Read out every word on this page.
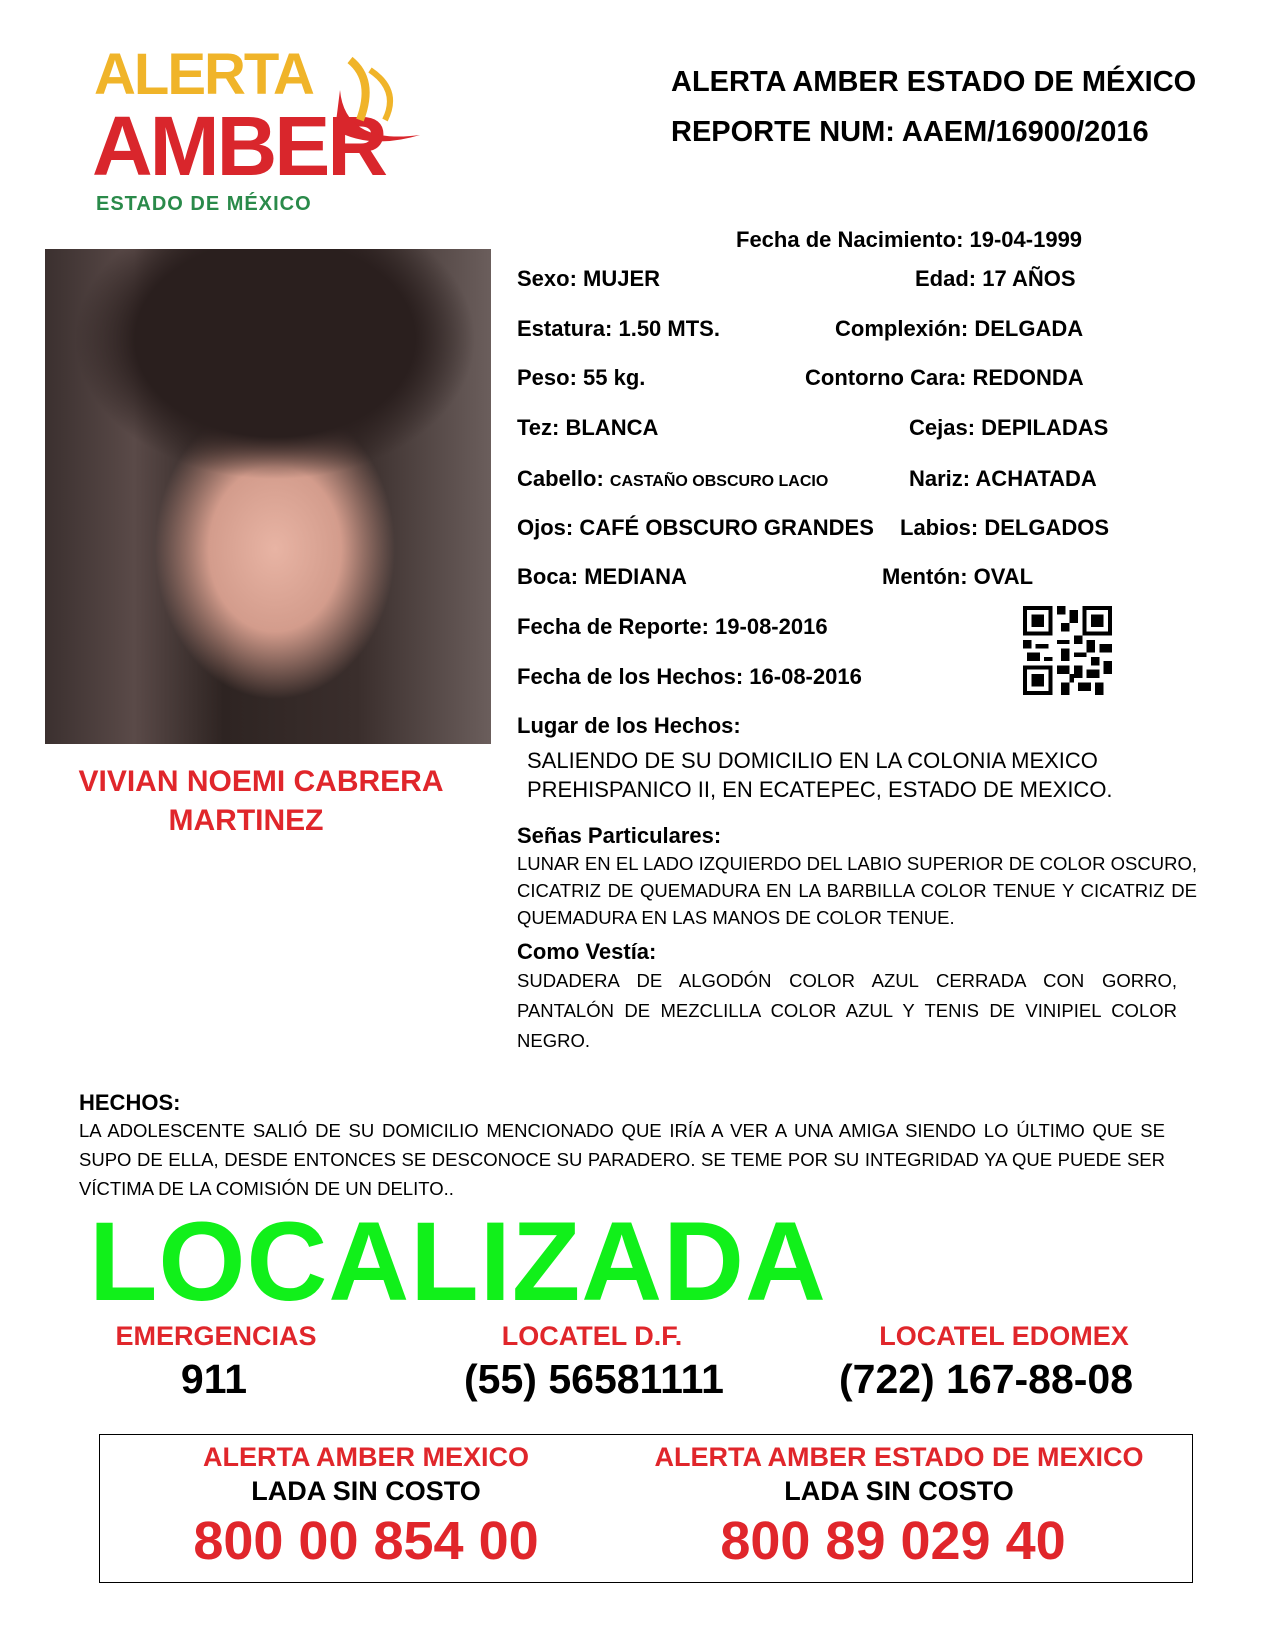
ALERTA
AMBER
ESTADO DE MÉXICO
ALERTA AMBER ESTADO DE MÉXICO
REPORTE NUM: AAEM/16900/2016
VIVIAN NOEMI CABRERA
MARTINEZ
Fecha de Nacimiento: 19-04-1999
Sexo: MUJER	Edad: 17 AÑOS
Estatura: 1.50 MTS.	Complexión: DELGADA
Peso: 55 kg.	Contorno Cara: REDONDA
Tez: BLANCA	Cejas: DEPILADAS
Cabello: CASTAÑO OBSCURO LACIO	Nariz: ACHATADA
Ojos: CAFÉ OBSCURO GRANDES Labios: DELGADOS
Boca: MEDIANA	Mentón: OVAL
Fecha de Reporte: 19-08-2016
Fecha de los Hechos: 16-08-2016
Lugar de los Hechos:
SALIENDO DE SU DOMICILIO EN LA COLONIA MEXICO
PREHISPANICO II, EN ECATEPEC, ESTADO DE MEXICO.
Señas Particulares:
LUNAR EN EL LADO IZQUIERDO DEL LABIO SUPERIOR DE COLOR OSCURO, CICATRIZ DE QUEMADURA EN LA BARBILLA COLOR TENUE Y CICATRIZ DE QUEMADURA EN LAS MANOS DE COLOR TENUE.
Como Vestía:
SUDADERA DE ALGODÓN COLOR AZUL CERRADA CON GORRO, PANTALÓN DE MEZCLILLA COLOR AZUL Y TENIS DE VINIPIEL COLOR NEGRO.
HECHOS:
LA ADOLESCENTE SALIÓ DE SU DOMICILIO MENCIONADO QUE IRÍA A VER A UNA AMIGA SIENDO LO ÚLTIMO QUE SE SUPO DE ELLA, DESDE ENTONCES SE DESCONOCE SU PARADERO. SE TEME POR SU INTEGRIDAD YA QUE PUEDE SER VÍCTIMA DE LA COMISIÓN DE UN DELITO..
LOCALIZADA
EMERGENCIAS
911
LOCATEL D.F.
(55) 56581111
LOCATEL EDOMEX
(722) 167-88-08
ALERTA AMBER MEXICO
LADA SIN COSTO
800 00 854 00
ALERTA AMBER ESTADO DE MEXICO
LADA SIN COSTO
800 89 029 40
